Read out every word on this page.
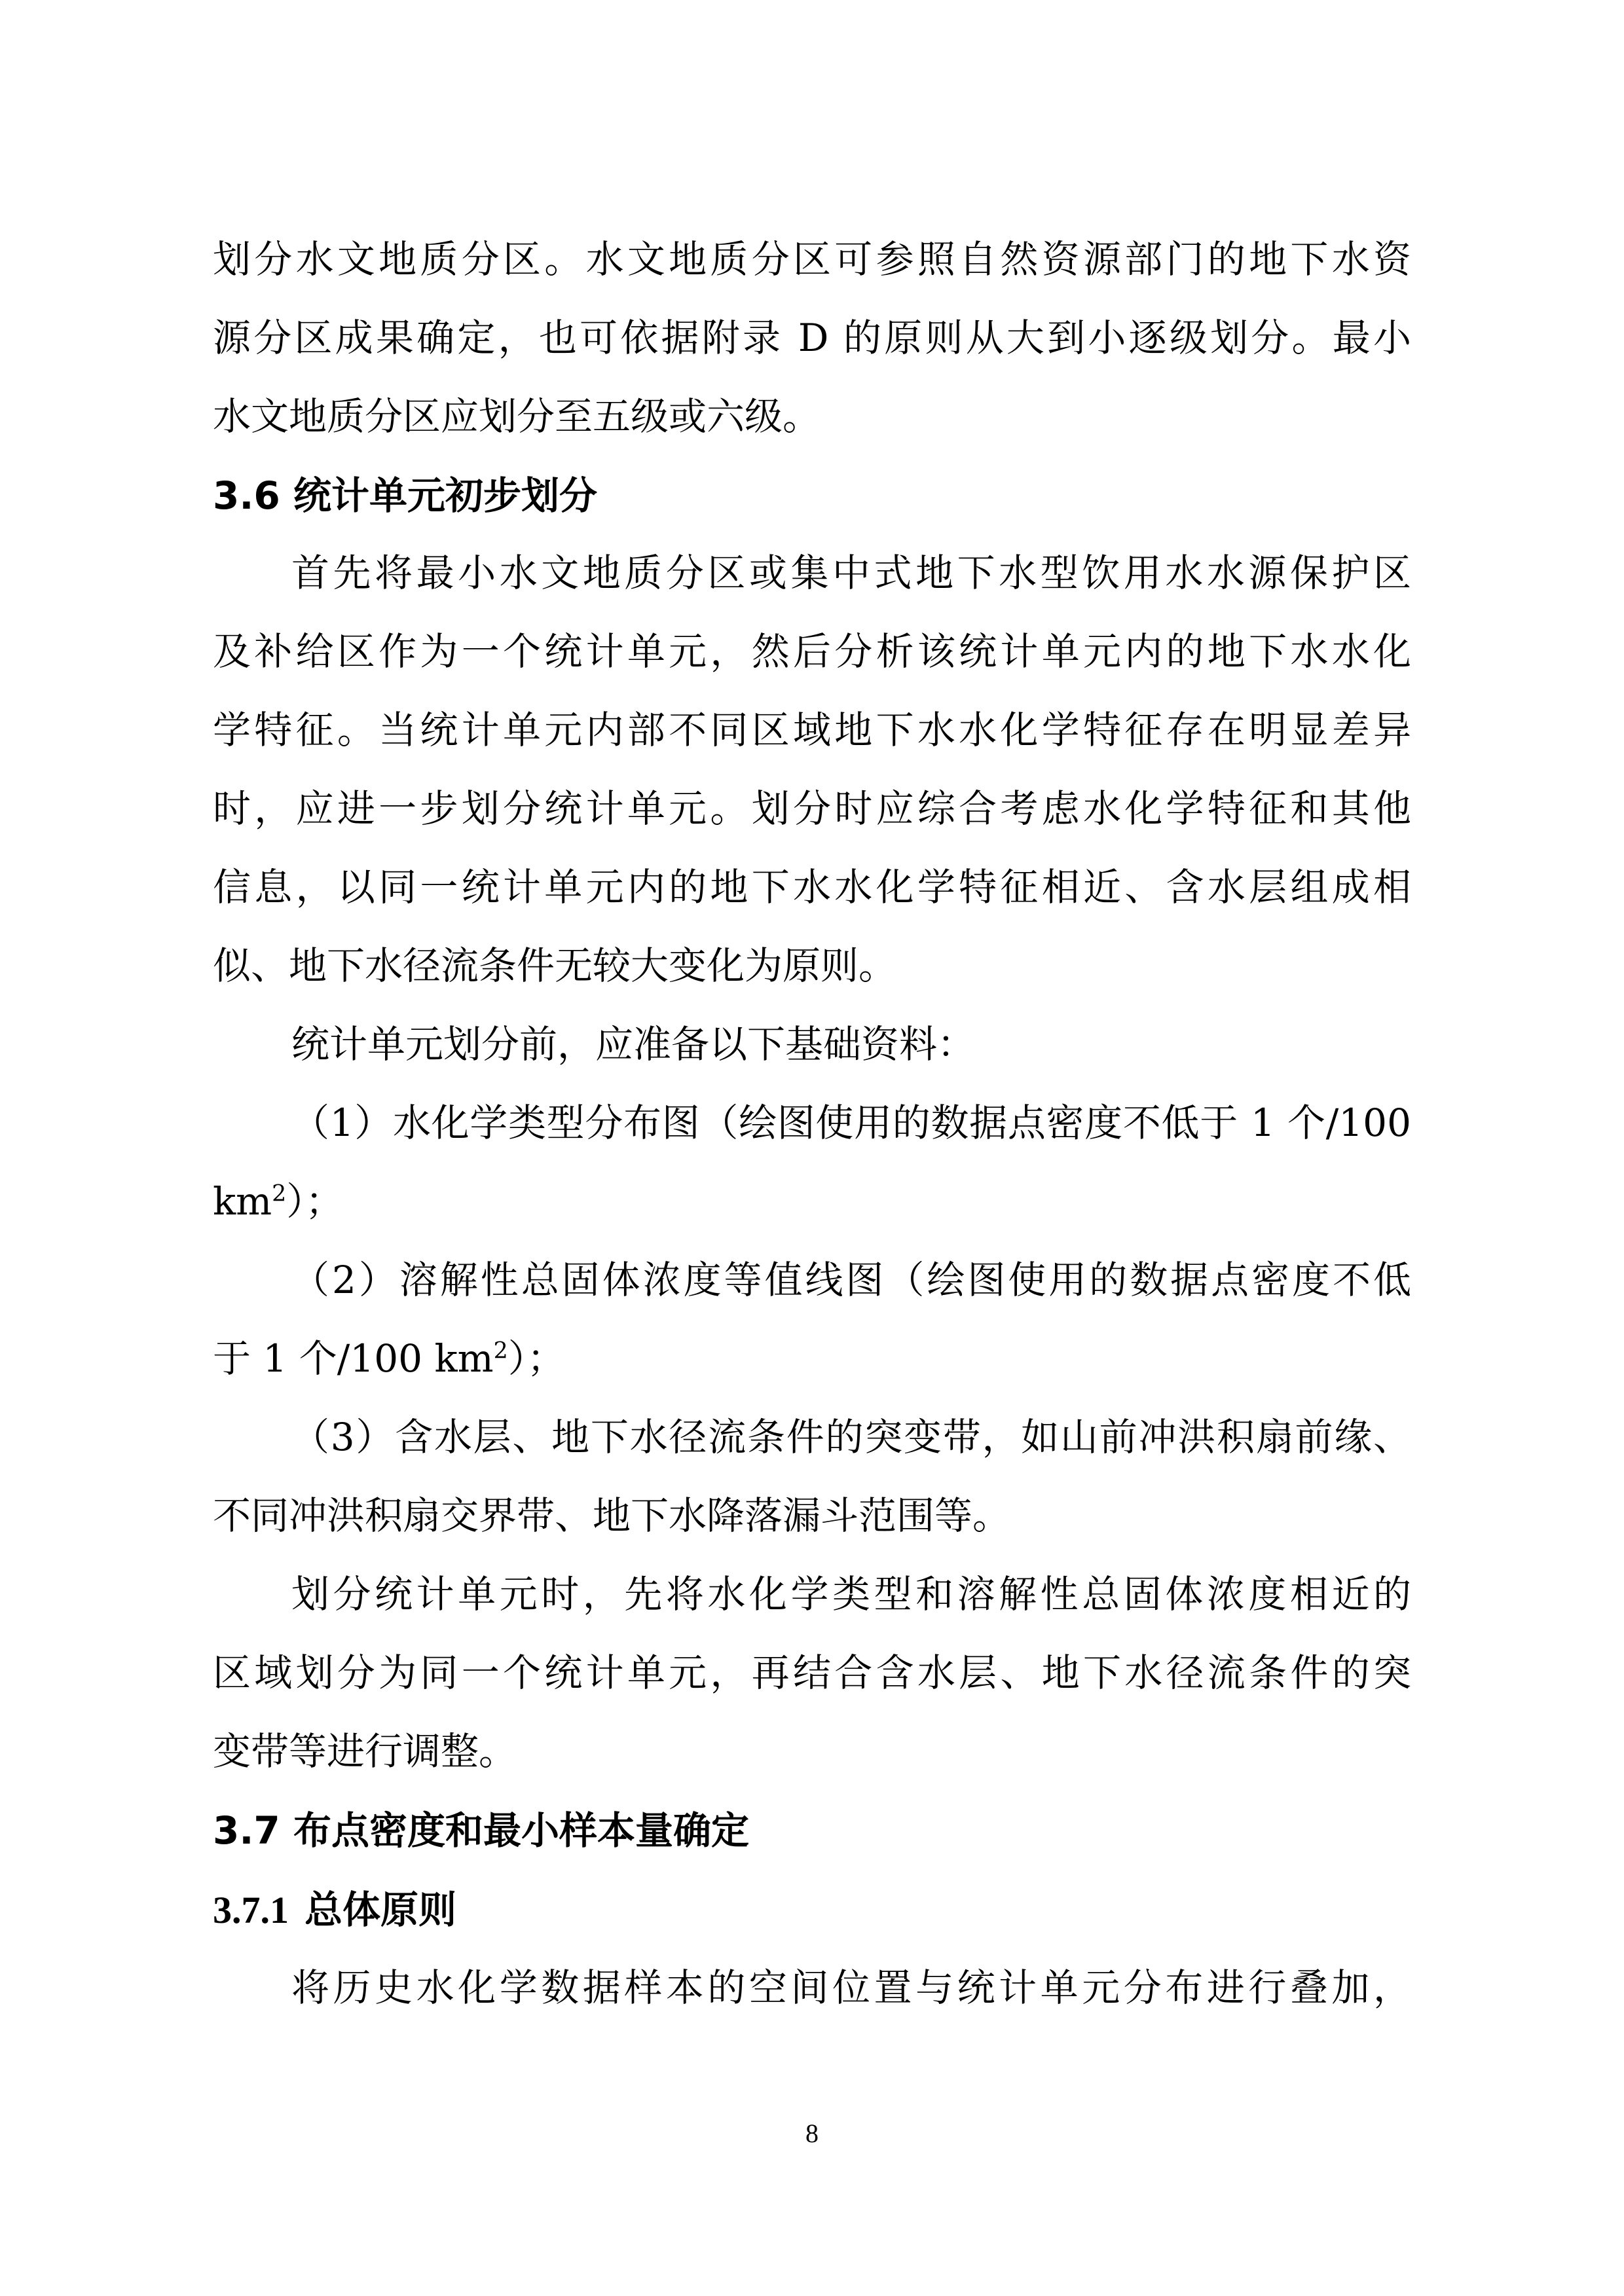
划分水文地质分区。水文地质分区可参照自然资源部门的地下水资
源分区成果确定，也可依据附录 D 的原则从大到小逐级划分。最小
水文地质分区应划分至五级或六级。
3.6 统计单元初步划分
首先将最小水文地质分区或集中式地下水型饮用水水源保护区
及补给区作为一个统计单元，然后分析该统计单元内的地下水水化
学特征。当统计单元内部不同区域地下水水化学特征存在明显差异
时，应进一步划分统计单元。划分时应综合考虑水化学特征和其他
信息，以同一统计单元内的地下水水化学特征相近、含水层组成相
似、地下水径流条件无较大变化为原则。
统计单元划分前，应准备以下基础资料：
（1）水化学类型分布图（绘图使用的数据点密度不低于 1 个/100
$km^2$）；
（2）溶解性总固体浓度等值线图（绘图使用的数据点密度不低
于 1 个/100 $km^2$）；
（3）含水层、地下水径流条件的突变带，如山前冲洪积扇前缘、
不同冲洪积扇交界带、地下水降落漏斗范围等。
划分统计单元时，先将水化学类型和溶解性总固体浓度相近的
区域划分为同一个统计单元，再结合含水层、地下水径流条件的突
变带等进行调整。
3.7 布点密度和最小样本量确定
3.7.1 总体原则
将历史水化学数据样本的空间位置与统计单元分布进行叠加，
8
